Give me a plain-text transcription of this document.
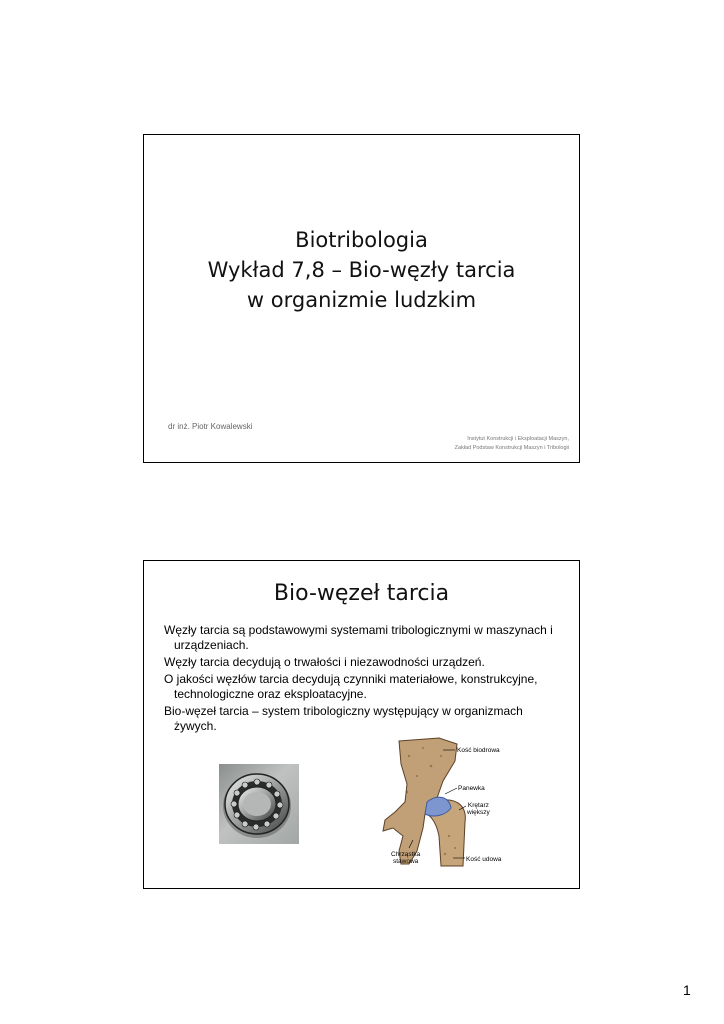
Biotribologia
Wykład 7,8 – Bio-węzły tarcia
w organizmie ludzkim
dr inż. Piotr Kowalewski
Instytut Konstrukcji i Eksploatacji Maszyn,
Zakład Podstaw Konstrukcji Maszyn i Tribologii
Bio-węzeł tarcia
Węzły tarcia są podstawowymi systemami tribologicznymi w maszynach i urządzeniach.
Węzły tarcia decydują o trwałości i niezawodności urządzeń.
O jakości węzłów tarcia decydują czynniki materiałowe, konstrukcyjne, technologiczne oraz eksploatacyjne.
Bio-węzeł tarcia – system tribologiczny występujący w organizmach żywych.
Kość biodrowa
Panewka
Krętarz
większy
Chrząstka
stawowa	Kość udowa
1
